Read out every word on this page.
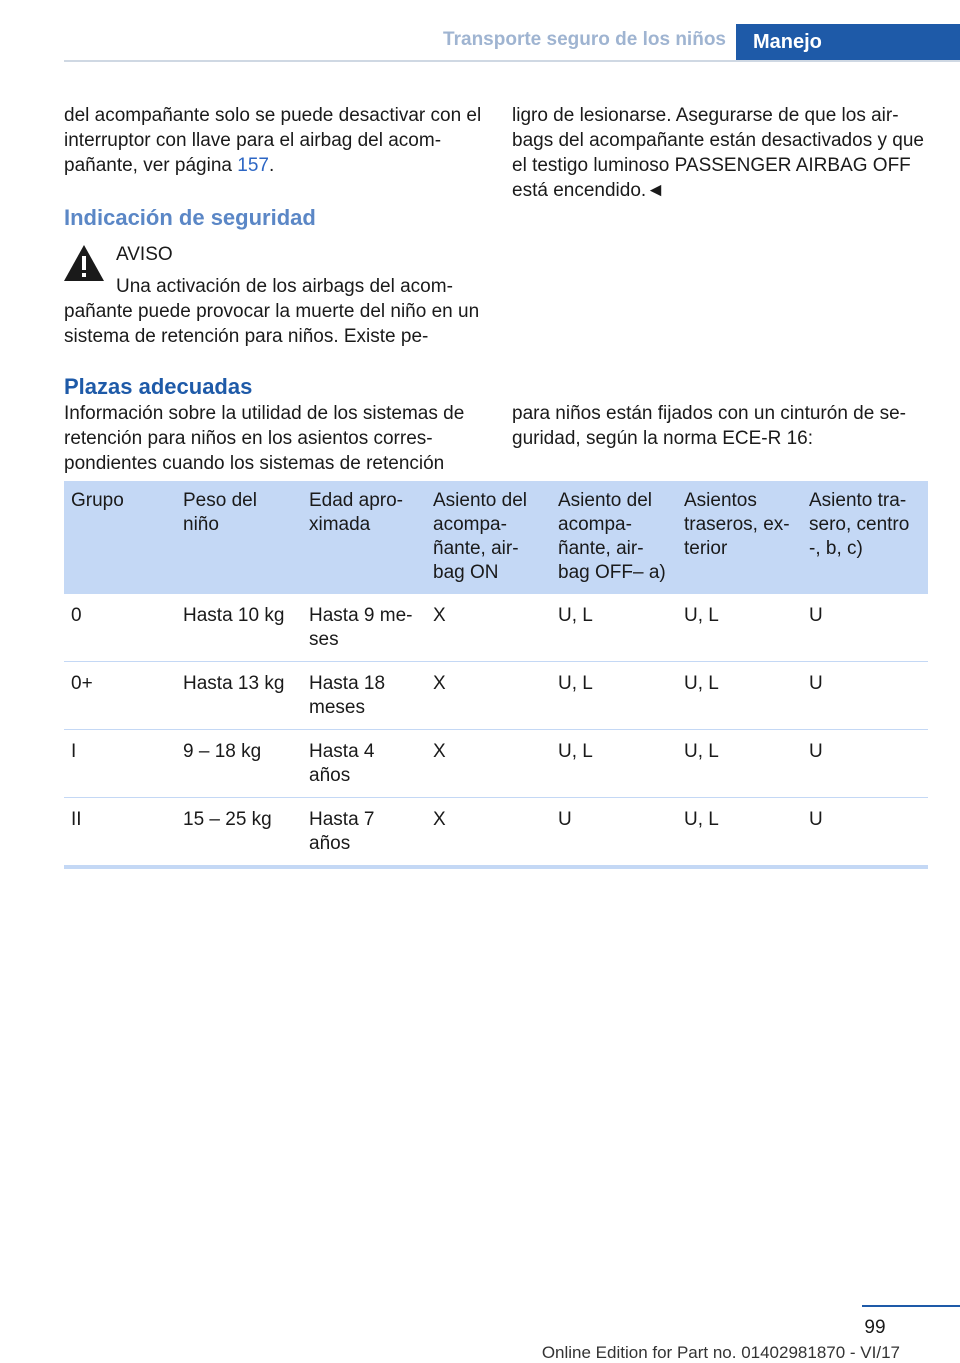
Transporte seguro de los niños	Manejo
del acompañante solo se puede desactivar con el interruptor con llave para el airbag del acom-pañante, ver página 157.
Indicación de seguridad
AVISO
Una activación de los airbags del acom-pañante puede provocar la muerte del niño en un sistema de retención para niños. Existe pe-
ligro de lesionarse. Asegurarse de que los air-bags del acompañante están desactivados y que el testigo luminoso PASSENGER AIRBAG OFF está encendido.◄
Plazas adecuadas
Información sobre la utilidad de los sistemas de retención para niños en los asientos corres-pondientes cuando los sistemas de retención
para niños están fijados con un cinturón de se-guridad, según la norma ECE-R 16:
Grupo	Peso del niño	Edad apro-ximada	Asiento del acompa-ñante, air-bag ON	Asiento del acompa-ñante, air-bag OFF– a)	Asientos traseros, ex-terior	Asiento tra-sero, centro -, b, c)
0	Hasta 10 kg	Hasta 9 me-ses	X	U, L	U, L	U
0+	Hasta 13 kg	Hasta 18 meses	X	U, L	U, L	U
I	9 – 18 kg	Hasta 4 años	X	U, L	U, L	U
II	15 – 25 kg	Hasta 7 años	X	U	U, L	U
99
Online Edition for Part no. 01402981870 - VI/17
